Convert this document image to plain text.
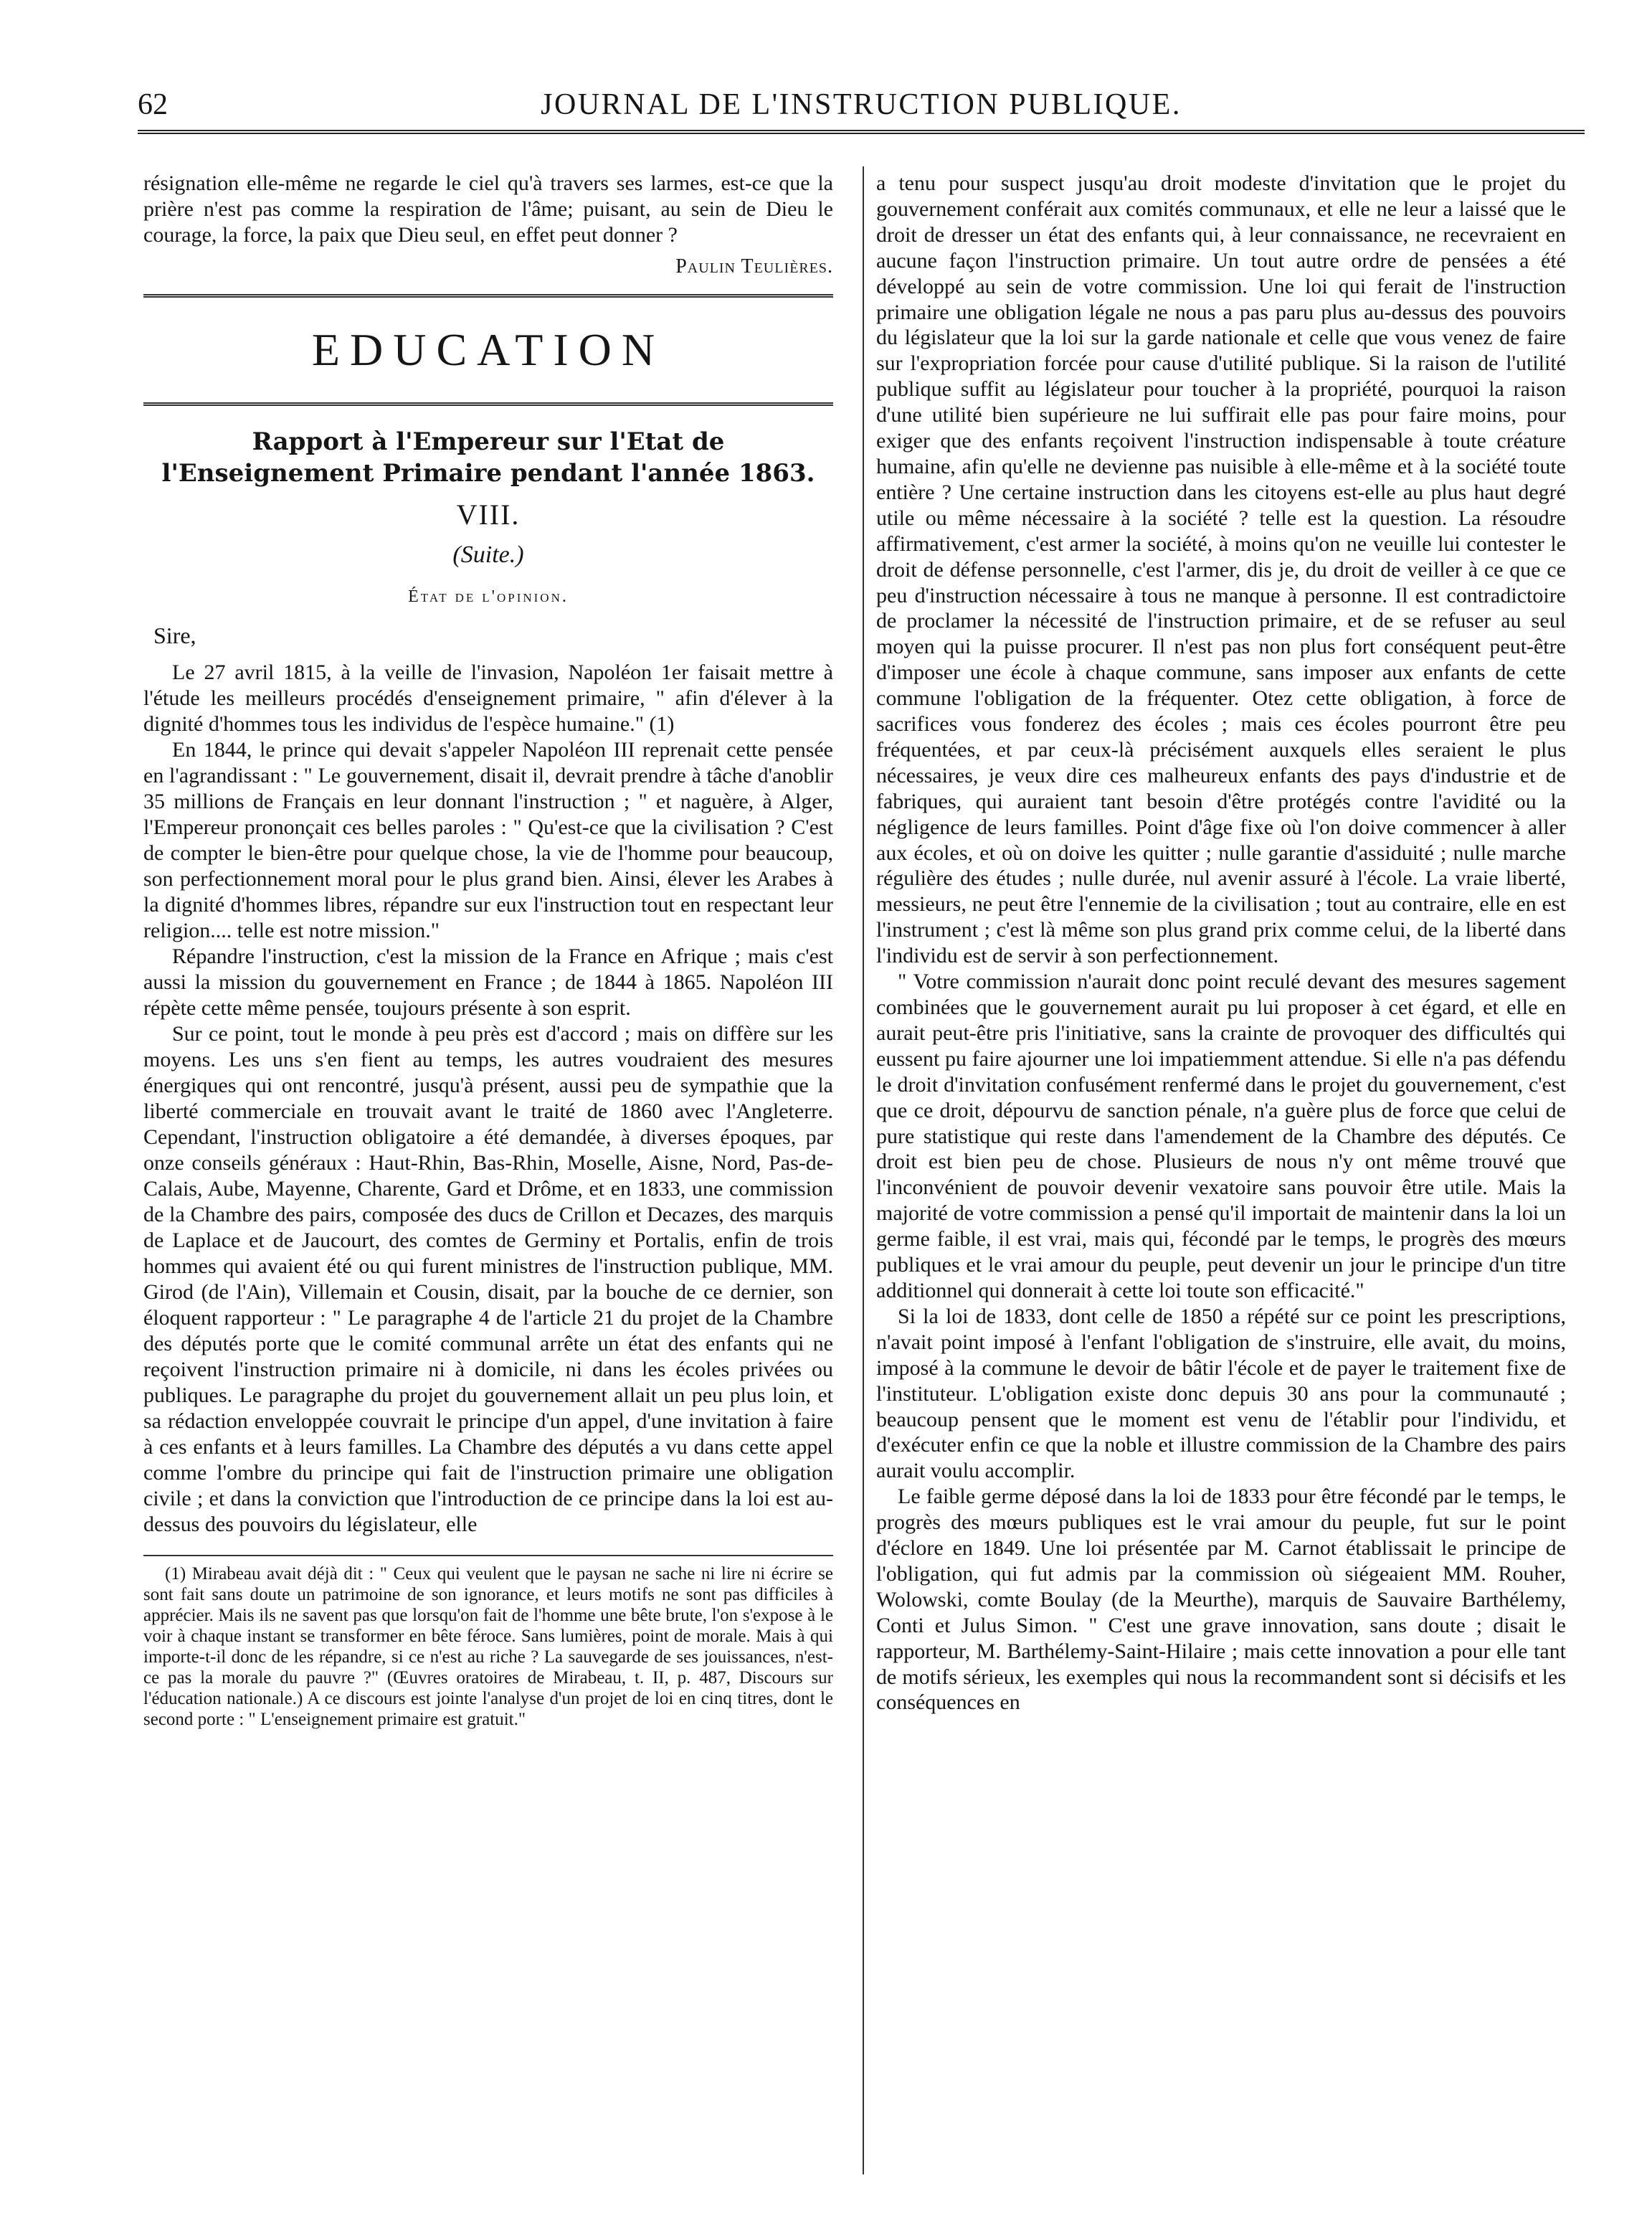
JOURNAL DE L'INSTRUCTION PUBLIQUE.
62

résignation elle-même ne regarde le ciel qu'à travers ses larmes, est-ce que la prière n'est pas comme la respiration de l'âme; puisant, au sein de Dieu le courage, la force, la paix que Dieu seul, en effet peut donner ?

Paulin Teulières.
EDUCATION
Rapport à l'Empereur sur l'Etat de l'Enseignement Primaire pendant l'année 1863.
VIII.
(Suite.)
État de l'opinion.
Sire,

Le 27 avril 1815, à la veille de l'invasion, Napoléon 1er faisait mettre à l'étude les meilleurs procédés d'enseignement primaire, " afin d'élever à la dignité d'hommes tous les individus de l'espèce humaine." (1)

En 1844, le prince qui devait s'appeler Napoléon III reprenait cette pensée en l'agrandissant : " Le gouvernement, disait il, devrait prendre à tâche d'anoblir 35 millions de Français en leur donnant l'instruction ; " et naguère, à Alger, l'Empereur prononçait ces belles paroles : " Qu'est-ce que la civilisation ? C'est de compter le bien-être pour quelque chose, la vie de l'homme pour beaucoup, son perfectionnement moral pour le plus grand bien. Ainsi, élever les Arabes à la dignité d'hommes libres, répandre sur eux l'instruction tout en respectant leur religion.... telle est notre mission."

Répandre l'instruction, c'est la mission de la France en Afrique ; mais c'est aussi la mission du gouvernement en France ; de 1844 à 1865. Napoléon III répète cette même pensée, toujours présente à son esprit.

Sur ce point, tout le monde à peu près est d'accord ; mais on diffère sur les moyens. Les uns s'en fient au temps, les autres voudraient des mesures énergiques qui ont rencontré, jusqu'à présent, aussi peu de sympathie que la liberté commerciale en trouvait avant le traité de 1860 avec l'Angleterre. Cependant, l'instruction obligatoire a été demandée, à diverses époques, par onze conseils généraux : Haut-Rhin, Bas-Rhin, Moselle, Aisne, Nord, Pas-de-Calais, Aube, Mayenne, Charente, Gard et Drôme, et en 1833, une commission de la Chambre des pairs, composée des ducs de Crillon et Decazes, des marquis de Laplace et de Jaucourt, des comtes de Germiny et Portalis, enfin de trois hommes qui avaient été ou qui furent ministres de l'instruction publique, MM. Girod (de l'Ain), Villemain et Cousin, disait, par la bouche de ce dernier, son éloquent rapporteur : " Le paragraphe 4 de l'article 21 du projet de la Chambre des députés porte que le comité communal arrête un état des enfants qui ne reçoivent l'instruction primaire ni à domicile, ni dans les écoles privées ou publiques. Le paragraphe du projet du gouvernement allait un peu plus loin, et sa rédaction enveloppée couvrait le principe d'un appel, d'une invitation à faire à ces enfants et à leurs familles. La Chambre des députés a vu dans cette appel comme l'ombre du principe qui fait de l'instruction primaire une obligation civile ; et dans la conviction que l'introduction de ce principe dans la loi est au-dessus des pouvoirs du législateur, elle

(1) Mirabeau avait déjà dit : " Ceux qui veulent que le paysan ne sache ni lire ni écrire se sont fait sans doute un patrimoine de son ignorance, et leurs motifs ne sont pas difficiles à apprécier. Mais ils ne savent pas que lorsqu'on fait de l'homme une bête brute, l'on s'expose à le voir à chaque instant se transformer en bête féroce. Sans lumières, point de morale. Mais à qui importe-t-il donc de les répandre, si ce n'est au riche ? La sauvegarde de ses jouissances, n'est-ce pas la morale du pauvre ?" (Œuvres oratoires de Mirabeau, t. II, p. 487, Discours sur l'éducation nationale.) A ce discours est jointe l'analyse d'un projet de loi en cinq titres, dont le second porte : " L'enseignement primaire est gratuit."

a tenu pour suspect jusqu'au droit modeste d'invitation que le projet du gouvernement conférait aux comités communaux, et elle ne leur a laissé que le droit de dresser un état des enfants qui, à leur connaissance, ne recevraient en aucune façon l'instruction primaire. Un tout autre ordre de pensées a été développé au sein de votre commission. Une loi qui ferait de l'instruction primaire une obligation légale ne nous a pas paru plus au-dessus des pouvoirs du législateur que la loi sur la garde nationale et celle que vous venez de faire sur l'expropriation forcée pour cause d'utilité publique. Si la raison de l'utilité publique suffit au législateur pour toucher à la propriété, pourquoi la raison d'une utilité bien supérieure ne lui suffirait elle pas pour faire moins, pour exiger que des enfants reçoivent l'instruction indispensable à toute créature humaine, afin qu'elle ne devienne pas nuisible à elle-même et à la société toute entière ? Une certaine instruction dans les citoyens est-elle au plus haut degré utile ou même nécessaire à la société ? telle est la question. La résoudre affirmativement, c'est armer la société, à moins qu'on ne veuille lui contester le droit de défense personnelle, c'est l'armer, dis je, du droit de veiller à ce que ce peu d'instruction nécessaire à tous ne manque à personne. Il est contradictoire de proclamer la nécessité de l'instruction primaire, et de se refuser au seul moyen qui la puisse procurer. Il n'est pas non plus fort conséquent peut-être d'imposer une école à chaque commune, sans imposer aux enfants de cette commune l'obligation de la fréquenter. Otez cette obligation, à force de sacrifices vous fonderez des écoles ; mais ces écoles pourront être peu fréquentées, et par ceux-là précisément auxquels elles seraient le plus nécessaires, je veux dire ces malheureux enfants des pays d'industrie et de fabriques, qui auraient tant besoin d'être protégés contre l'avidité ou la négligence de leurs familles. Point d'âge fixe où l'on doive commencer à aller aux écoles, et où on doive les quitter ; nulle garantie d'assiduité ; nulle marche régulière des études ; nulle durée, nul avenir assuré à l'école. La vraie liberté, messieurs, ne peut être l'ennemie de la civilisation ; tout au contraire, elle en est l'instrument ; c'est là même son plus grand prix comme celui, de la liberté dans l'individu est de servir à son perfectionnement.

" Votre commission n'aurait donc point reculé devant des mesures sagement combinées que le gouvernement aurait pu lui proposer à cet égard, et elle en aurait peut-être pris l'initiative, sans la crainte de provoquer des difficultés qui eussent pu faire ajourner une loi impatiemment attendue. Si elle n'a pas défendu le droit d'invitation confusément renfermé dans le projet du gouvernement, c'est que ce droit, dépourvu de sanction pénale, n'a guère plus de force que celui de pure statistique qui reste dans l'amendement de la Chambre des députés. Ce droit est bien peu de chose. Plusieurs de nous n'y ont même trouvé que l'inconvénient de pouvoir devenir vexatoire sans pouvoir être utile. Mais la majorité de votre commission a pensé qu'il importait de maintenir dans la loi un germe faible, il est vrai, mais qui, fécondé par le temps, le progrès des mœurs publiques et le vrai amour du peuple, peut devenir un jour le principe d'un titre additionnel qui donnerait à cette loi toute son efficacité."

Si la loi de 1833, dont celle de 1850 a répété sur ce point les prescriptions, n'avait point imposé à l'enfant l'obligation de s'instruire, elle avait, du moins, imposé à la commune le devoir de bâtir l'école et de payer le traitement fixe de l'instituteur. L'obligation existe donc depuis 30 ans pour la communauté ; beaucoup pensent que le moment est venu de l'établir pour l'individu, et d'exécuter enfin ce que la noble et illustre commission de la Chambre des pairs aurait voulu accomplir.

Le faible germe déposé dans la loi de 1833 pour être fécondé par le temps, le progrès des mœurs publiques est le vrai amour du peuple, fut sur le point d'éclore en 1849. Une loi présentée par M. Carnot établissait le principe de l'obligation, qui fut admis par la commission où siégeaient MM. Rouher, Wolowski, comte Boulay (de la Meurthe), marquis de Sauvaire Barthélemy, Conti et Julus Simon. " C'est une grave innovation, sans doute ; disait le rapporteur, M. Barthélemy-Saint-Hilaire ; mais cette innovation a pour elle tant de motifs sérieux, les exemples qui nous la recommandent sont si décisifs et les conséquences en
